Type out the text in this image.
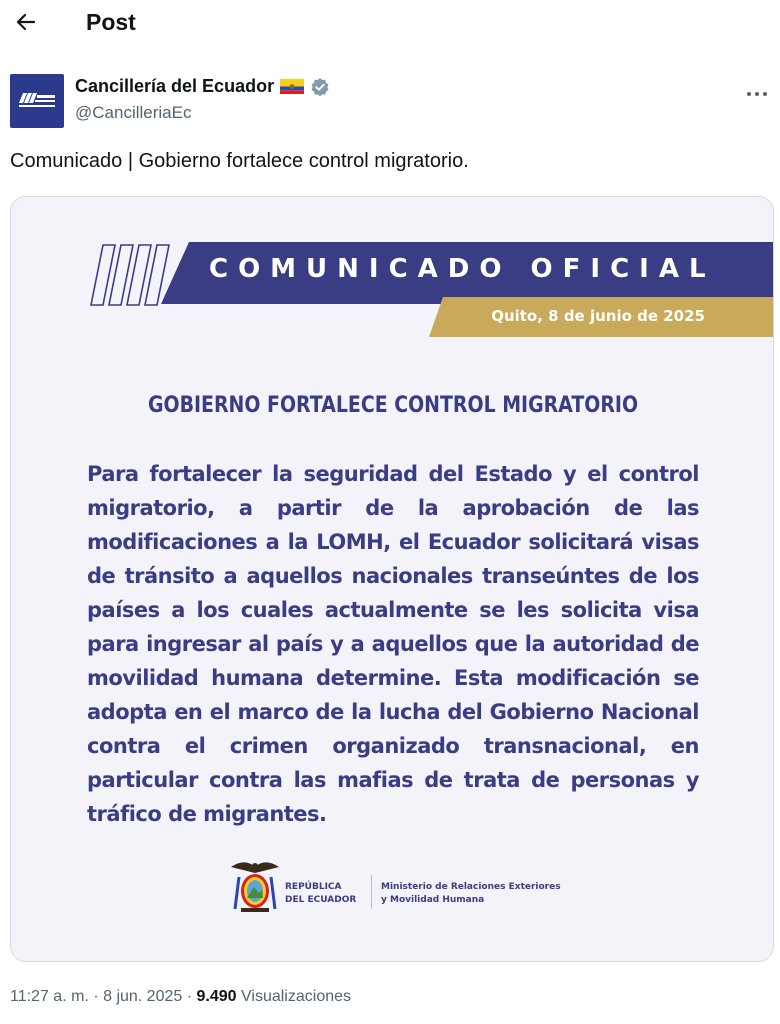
Post
Cancillería del Ecuador
@CancilleriaEc
Comunicado | Gobierno fortalece control migratorio.
COMUNICADO OFICIAL
Quito, 8 de junio de 2025
GOBIERNO FORTALECE CONTROL MIGRATORIO
Para fortalecer la seguridad del Estado y el control migratorio, a partir de la aprobación de las modificaciones a la LOMH, el Ecuador solicitará visas de tránsito a aquellos nacionales transeúntes de los países a los cuales actualmente se les solicita visa para ingresar al país y a aquellos que la autoridad de movilidad humana determine. Esta modificación se adopta en el marco de la lucha del Gobierno Nacional contra el crimen organizado transnacional, en particular contra las mafias de trata de personas y tráfico de migrantes.
REPÚBLICA
DEL ECUADOR
Ministerio de Relaciones Exteriores
y Movilidad Humana
11:27 a. m. · 8 jun. 2025 · 9.490 Visualizaciones
